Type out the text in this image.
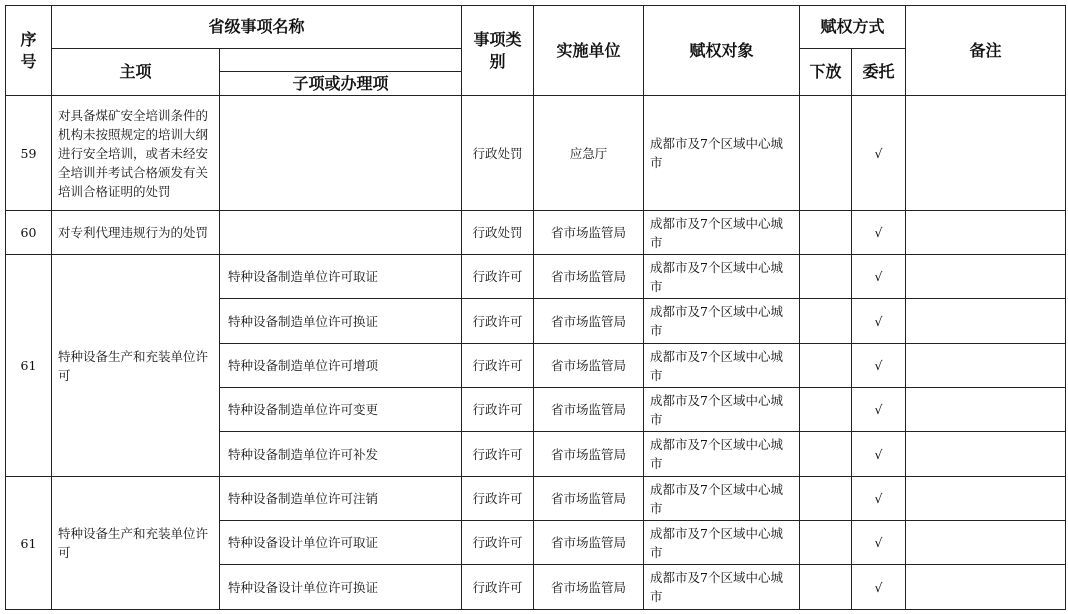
序号	省级事项名称		事项类别	实施单位	赋权对象	赋权方式		备注
	主项					下放	委托	
		子项或办理项						
59	对具备煤矿安全培训条件的机构未按照规定的培训大纲进行安全培训，或者未经安全培训并考试合格颁发有关培训合格证明的处罚		行政处罚	应急厅	成都市及7个区域中心城市		√	
60	对专利代理违规行为的处罚		行政处罚	省市场监管局	成都市及7个区域中心城市		√	
61	特种设备生产和充装单位许可	特种设备制造单位许可取证	行政许可	省市场监管局	成都市及7个区域中心城市		√	
		特种设备制造单位许可换证	行政许可	省市场监管局	成都市及7个区域中心城市		√	
		特种设备制造单位许可增项	行政许可	省市场监管局	成都市及7个区域中心城市		√	
		特种设备制造单位许可变更	行政许可	省市场监管局	成都市及7个区域中心城市		√	
		特种设备制造单位许可补发	行政许可	省市场监管局	成都市及7个区域中心城市		√	
61	特种设备生产和充装单位许可	特种设备制造单位许可注销	行政许可	省市场监管局	成都市及7个区域中心城市		√	
		特种设备设计单位许可取证	行政许可	省市场监管局	成都市及7个区域中心城市		√	
		特种设备设计单位许可换证	行政许可	省市场监管局	成都市及7个区域中心城市		√	
